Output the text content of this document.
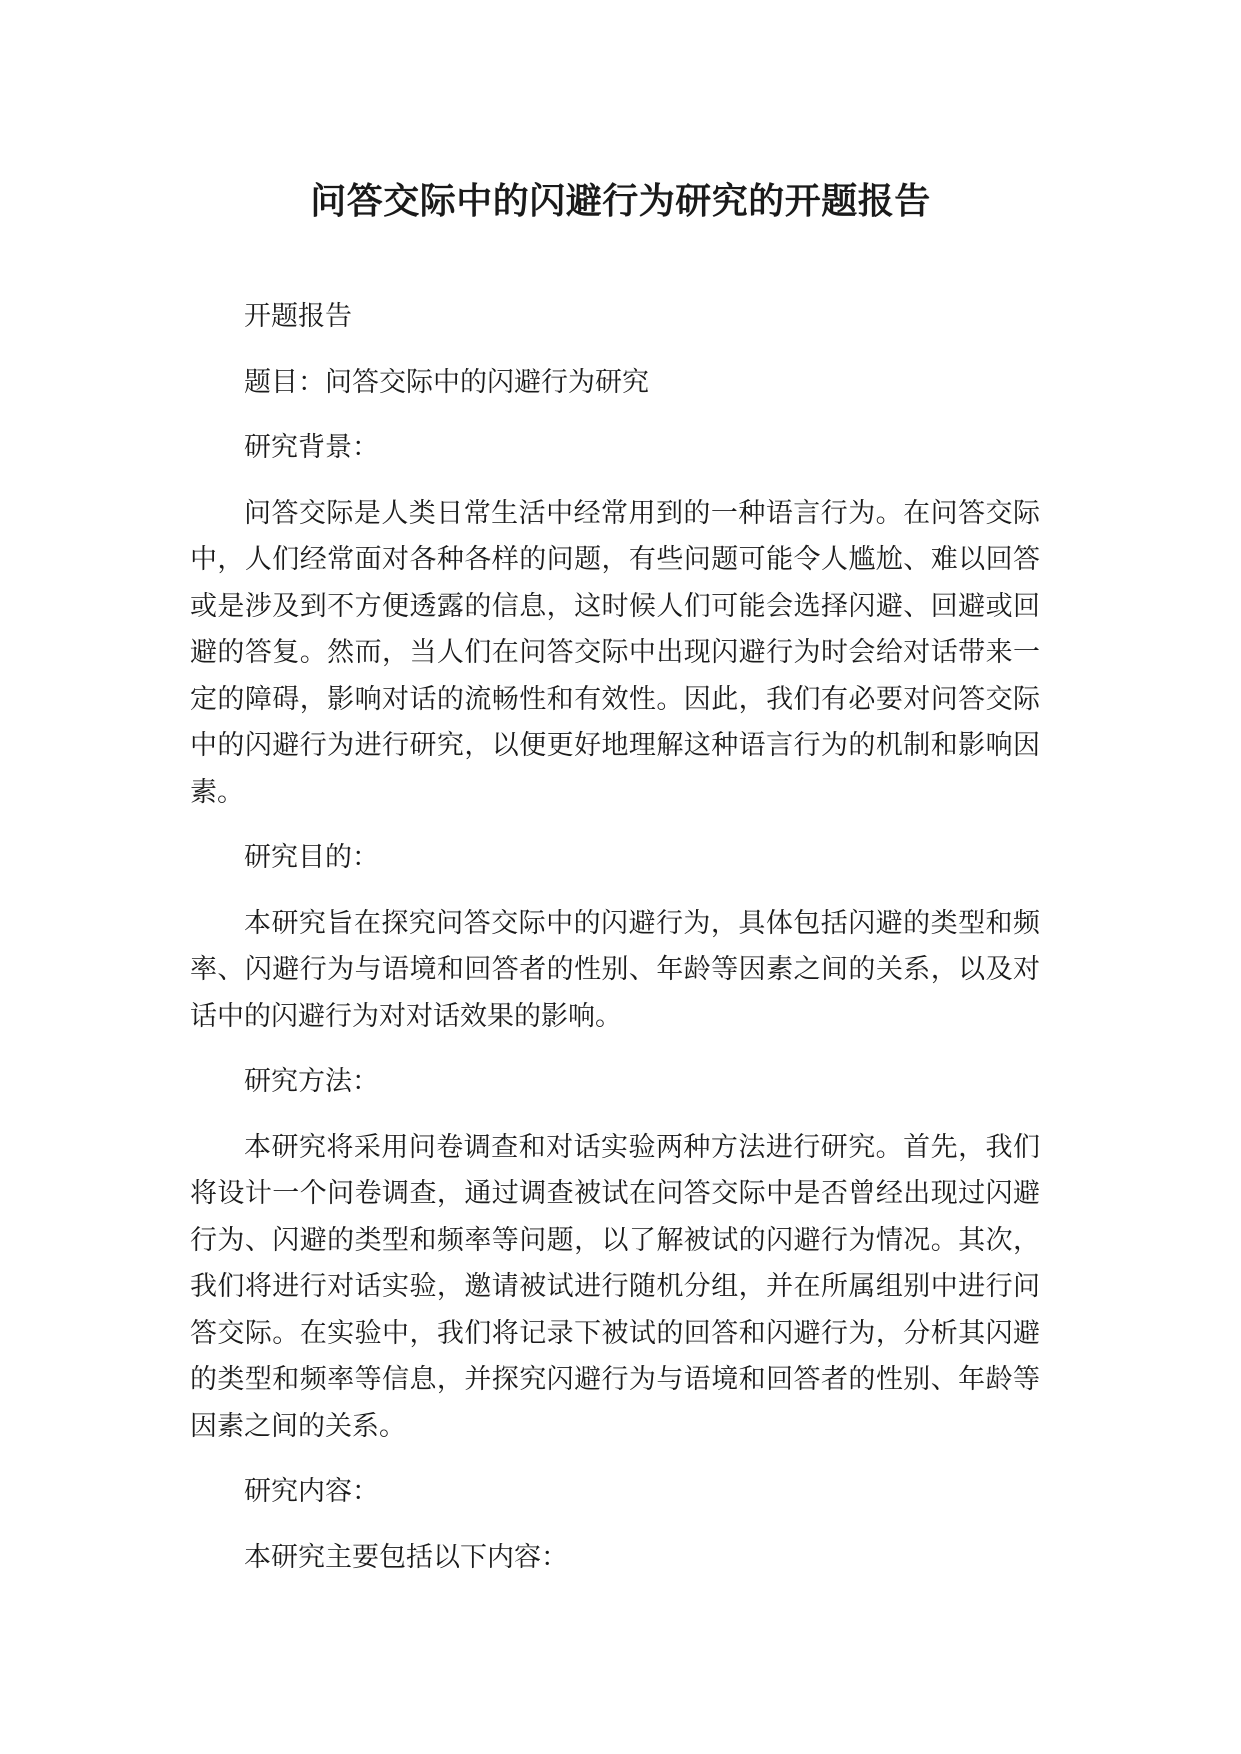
问答交际中的闪避行为研究的开题报告

开题报告

题目：问答交际中的闪避行为研究

研究背景：

问答交际是人类日常生活中经常用到的一种语言行为。在问答交际中，人们经常面对各种各样的问题，有些问题可能令人尴尬、难以回答或是涉及到不方便透露的信息，这时候人们可能会选择闪避、回避或回避的答复。然而，当人们在问答交际中出现闪避行为时会给对话带来一定的障碍，影响对话的流畅性和有效性。因此，我们有必要对问答交际中的闪避行为进行研究，以便更好地理解这种语言行为的机制和影响因素。

研究目的：

本研究旨在探究问答交际中的闪避行为，具体包括闪避的类型和频率、闪避行为与语境和回答者的性别、年龄等因素之间的关系，以及对话中的闪避行为对对话效果的影响。

研究方法：

本研究将采用问卷调查和对话实验两种方法进行研究。首先，我们将设计一个问卷调查，通过调查被试在问答交际中是否曾经出现过闪避行为、闪避的类型和频率等问题，以了解被试的闪避行为情况。其次，我们将进行对话实验，邀请被试进行随机分组，并在所属组别中进行问答交际。在实验中，我们将记录下被试的回答和闪避行为，分析其闪避的类型和频率等信息，并探究闪避行为与语境和回答者的性别、年龄等因素之间的关系。

研究内容：

本研究主要包括以下内容：
